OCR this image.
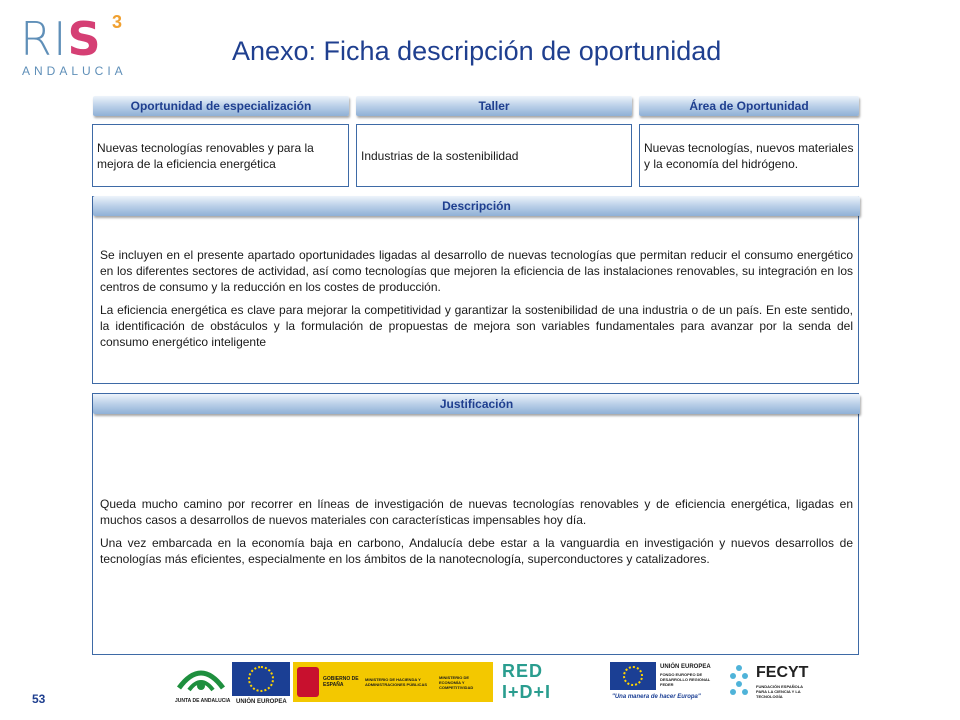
RIS 3
ANDALUCIA
Anexo: Ficha descripción de oportunidad
Oportunidad de especialización
Nuevas tecnologías renovables y para la mejora de la eficiencia energética
Taller
Industrias de la sostenibilidad
Área de Oportunidad
Nuevas tecnologías, nuevos materiales y la economía del hidrógeno.

Se incluyen en el presente apartado oportunidades ligadas al desarrollo de nuevas tecnologías que permitan reducir el consumo energético en los diferentes sectores de actividad, así como tecnologías que mejoren la eficiencia de las instalaciones renovables, su integración en los centros de consumo y la reducción en los costes de producción.

La eficiencia energética es clave para mejorar la competitividad y garantizar la sostenibilidad de una industria o de un país. En este sentido, la identificación de obstáculos y la formulación de propuestas de mejora son variables fundamentales para avanzar por la senda del consumo energético inteligente

Descripción

Queda mucho camino por recorrer en líneas de investigación de nuevas tecnologías renovables y de eficiencia energética, ligadas en muchos casos a desarrollos de nuevos materiales con características impensables hoy día.

Una vez embarcada en la economía baja en carbono, Andalucía debe estar a la vanguardia en investigación y nuevos desarrollos de tecnologías más eficientes, especialmente en los ámbitos de la nanotecnología, superconductores y catalizadores.

Justificación
53	JUNTA DE ANDALUCIA UNIÓN EUROPEA
GOBIERNO DE ESPAÑA
MINISTERIO DE HACIENDA Y ADMINISTRACIONES PÚBLICAS
MINISTERIO DE ECONOMÍA Y COMPETITIVIDAD
RED I+D+I
UNIÓN EUROPEA
FONDO EUROPEO DE DESARROLLO REGIONAL FEDER
"Una manera de hacer Europa"
FECYT
FUNDACIÓN ESPAÑOLA PARA LA CIENCIA Y LA TECNOLOGÍA
